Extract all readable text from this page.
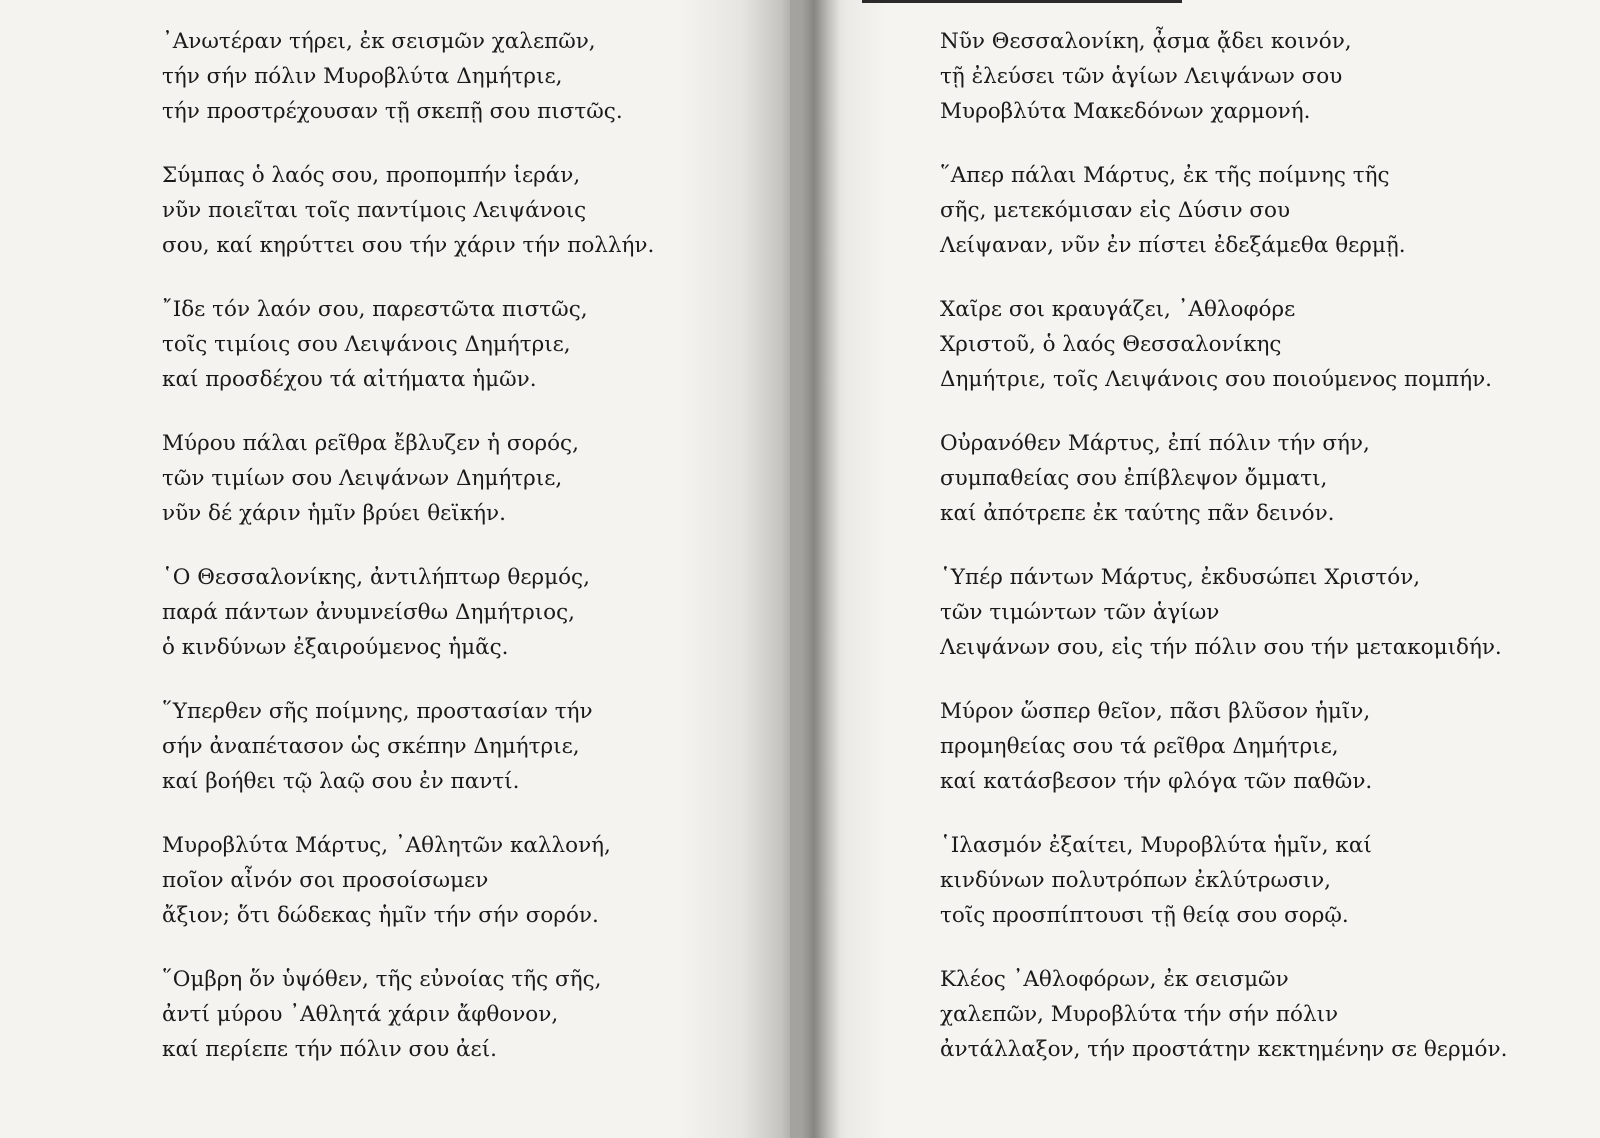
᾿Ανωτέραν τήρει, ἐκ σεισμῶν χαλεπῶν,
τήν σήν πόλιν Μυροβλύτα Δημήτριε,
τήν προστρέχουσαν τῇ σκεπῇ σου πιστῶς.
Σύμπας ὁ λαός σου, προπομπήν ἱεράν,
νῦν ποιεῖται τοῖς παντίμοις Λειψάνοις
σου, καί κηρύττει σου τήν χάριν τήν πολλήν.
῎Ιδε τόν λαόν σου, παρεστῶτα πιστῶς,
τοῖς τιμίοις σου Λειψάνοις Δημήτριε,
καί προσδέχου τά αἰτήματα ἡμῶν.
Μύρου πάλαι ρεῖθρα ἔβλυζεν ἡ σορός,
τῶν τιμίων σου Λειψάνων Δημήτριε,
νῦν δέ χάριν ἡμῖν βρύει θεϊκήν.
῾Ο Θεσσαλονίκης, ἀντιλήπτωρ θερμός,
παρά πάντων ἀνυμνείσθω Δημήτριος,
ὁ κινδύνων ἐξαιρούμενος ἡμᾶς.
῞Υπερθεν σῆς ποίμνης, προστασίαν τήν
σήν ἀναπέτασον ὡς σκέπην Δημήτριε,
καί βοήθει τῷ λαῷ σου ἐν παντί.
Μυροβλύτα Μάρτυς, ᾿Αθλητῶν καλλονή,
ποῖον αἶνόν σοι προσοίσωμεν
ἄξιον; ὅτι δώδεκας ἡμῖν τήν σήν σορόν.
῞Ομβρη ὅν ὑψόθεν, τῆς εὐνοίας τῆς σῆς,
ἀντί μύρου ᾿Αθλητά χάριν ἄφθονον,
καί περίεπε τήν πόλιν σου ἀεί.
Νῦν Θεσσαλονίκη, ᾆσμα ᾄδει κοινόν,
τῇ ἐλεύσει τῶν ἁγίων Λειψάνων σου
Μυροβλύτα Μακεδόνων χαρμονή.
῞Απερ πάλαι Μάρτυς, ἐκ τῆς ποίμνης τῆς
σῆς, μετεκόμισαν εἰς Δύσιν σου
Λείψαναν, νῦν ἐν πίστει ἐδεξάμεθα θερμῇ.
Χαῖρε σοι κραυγάζει, ᾿Αθλοφόρε
Χριστοῦ, ὁ λαός Θεσσαλονίκης
Δημήτριε, τοῖς Λειψάνοις σου ποιούμενος πομπήν.
Οὐρανόθεν Μάρτυς, ἐπί πόλιν τήν σήν,
συμπαθείας σου ἐπίβλεψον ὄμματι,
καί ἀπότρεπε ἐκ ταύτης πᾶν δεινόν.
῾Υπέρ πάντων Μάρτυς, ἐκδυσώπει Χριστόν,
τῶν τιμώντων τῶν ἁγίων
Λειψάνων σου, εἰς τήν πόλιν σου τήν μετακομιδήν.
Μύρον ὥσπερ θεῖον, πᾶσι βλῦσον ἡμῖν,
προμηθείας σου τά ρεῖθρα Δημήτριε,
καί κατάσβεσον τήν φλόγα τῶν παθῶν.
῾Ιλασμόν ἐξαίτει, Μυροβλύτα ἡμῖν, καί
κινδύνων πολυτρόπων ἐκλύτρωσιν,
τοῖς προσπίπτουσι τῇ θείᾳ σου σορῷ.
Κλέος ᾿Αθλοφόρων, ἐκ σεισμῶν
χαλεπῶν, Μυροβλύτα τήν σήν πόλιν
ἀντάλλαξον, τήν προστάτην κεκτημένην σε θερμόν.
